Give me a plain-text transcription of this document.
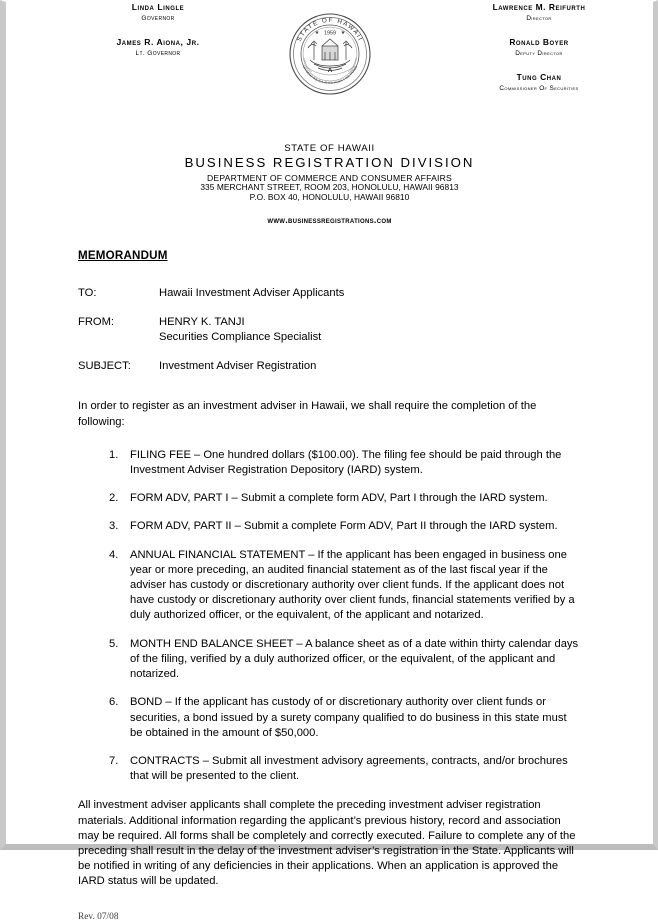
Linda Lingle
Governor
James R. Aiona, Jr.
Lt. Governor
STATE OF HAWAII
UA MAU KE EA O KA AINA I KA PONO
1959
★	★
A
Lawrence M. Reifurth
Director
Ronald Boyer
Deputy Director
Tung Chan
Commissioner Of Securities
STATE OF HAWAII
BUSINESS REGISTRATION DIVISION
DEPARTMENT OF COMMERCE AND CONSUMER AFFAIRS
335 MERCHANT STREET, ROOM 203, HONOLULU, HAWAII 96813
P.O. BOX 40, HONOLULU, HAWAII 96810
www.businessregistrations.com
MEMORANDUM
TO:	Hawaii Investment Adviser Applicants
FROM:	HENRY K. TANJI
Securities Compliance Specialist
SUBJECT:	Investment Adviser Registration
In order to register as an investment adviser in Hawaii, we shall require the completion of the following:
FILING FEE – One hundred dollars ($100.00). The filing fee should be paid through the Investment Adviser Registration Depository (IARD) system.
FORM ADV, PART I – Submit a complete form ADV, Part I through the IARD system.
FORM ADV, PART II – Submit a complete Form ADV, Part II through the IARD system.
ANNUAL FINANCIAL STATEMENT – If the applicant has been engaged in business one year or more preceding, an audited financial statement as of the last fiscal year if the adviser has custody or discretionary authority over client funds. If the applicant does not have custody or discretionary authority over client funds, financial statements verified by a duly authorized officer, or the equivalent, of the applicant and notarized.
MONTH END BALANCE SHEET – A balance sheet as of a date within thirty calendar days of the filing, verified by a duly authorized officer, or the equivalent, of the applicant and notarized.
BOND – If the applicant has custody of or discretionary authority over client funds or securities, a bond issued by a surety company qualified to do business in this state must be obtained in the amount of $50,000.
CONTRACTS – Submit all investment advisory agreements, contracts, and/or brochures that will be presented to the client.
All investment adviser applicants shall complete the preceding investment adviser registration materials. Additional information regarding the applicant’s previous history, record and association may be required. All forms shall be completely and correctly executed. Failure to complete any of the preceding shall result in the delay of the investment adviser’s registration in the State. Applicants will be notified in writing of any deficiencies in their applications. When an application is approved the IARD status will be updated.
Rev. 07/08
